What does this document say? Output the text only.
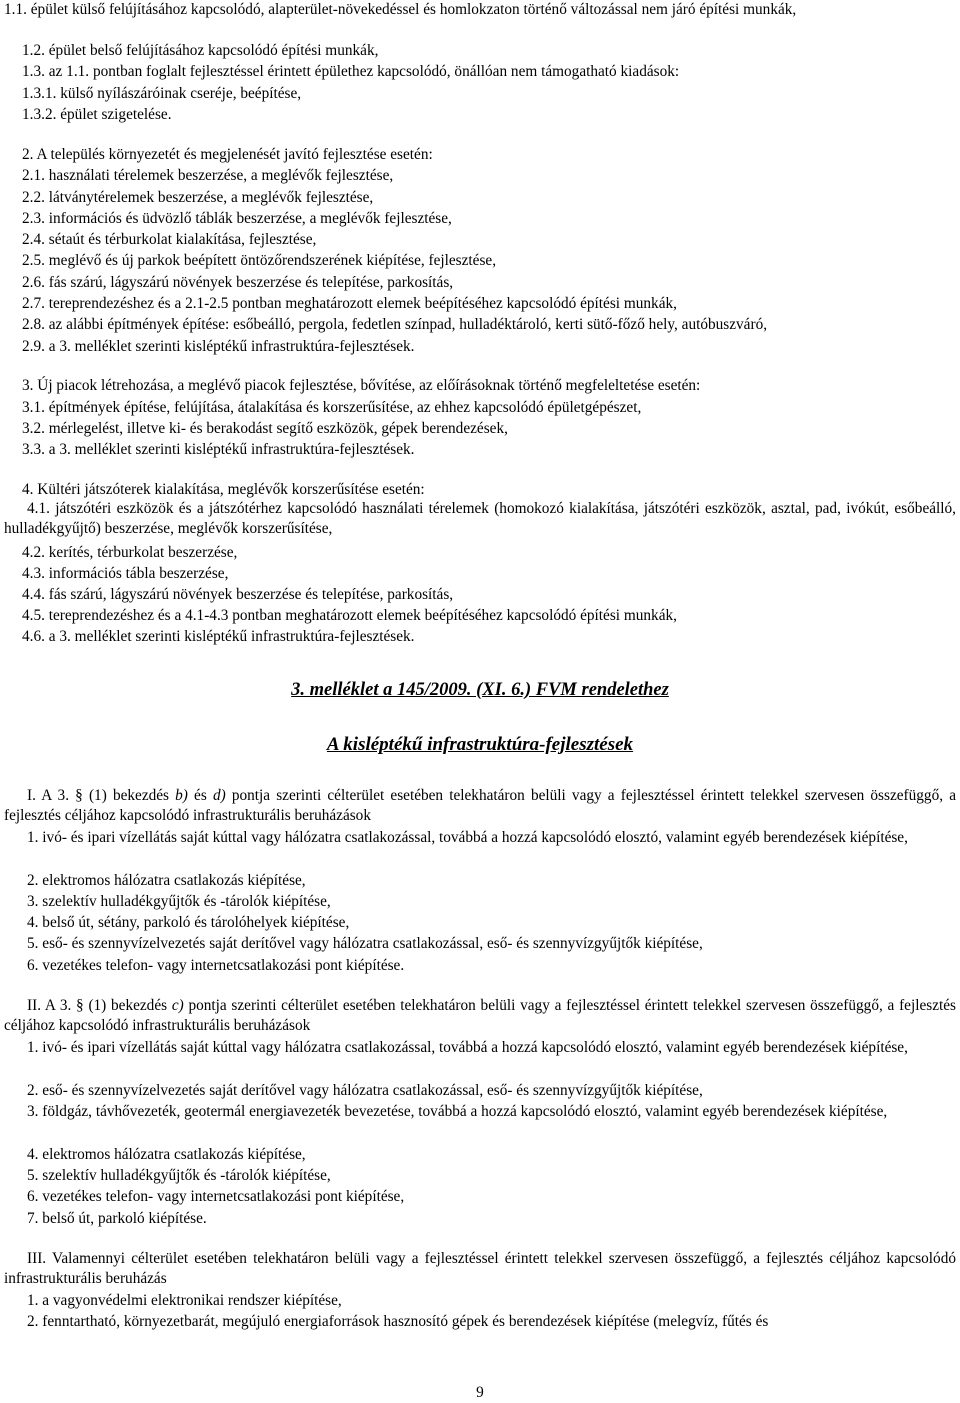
1.1. épület külső felújításához kapcsolódó, alapterület-növekedéssel és homlokzaton történő változással nem járó építési munkák,
1.2. épület belső felújításához kapcsolódó építési munkák,
1.3. az 1.1. pontban foglalt fejlesztéssel érintett épülethez kapcsolódó, önállóan nem támogatható kiadások:
1.3.1. külső nyílászáróinak cseréje, beépítése,
1.3.2. épület szigetelése.
2. A település környezetét és megjelenését javító fejlesztése esetén:
2.1. használati térelemek beszerzése, a meglévők fejlesztése,
2.2. látványtérelemek beszerzése, a meglévők fejlesztése,
2.3. információs és üdvözlő táblák beszerzése, a meglévők fejlesztése,
2.4. sétaút és térburkolat kialakítása, fejlesztése,
2.5. meglévő és új parkok beépített öntözőrendszerének kiépítése, fejlesztése,
2.6. fás szárú, lágyszárú növények beszerzése és telepítése, parkosítás,
2.7. tereprendezéshez és a 2.1-2.5 pontban meghatározott elemek beépítéséhez kapcsolódó építési munkák,
2.8. az alábbi építmények építése: esőbeálló, pergola, fedetlen színpad, hulladéktároló, kerti sütő-főző hely, autóbuszváró,
2.9. a 3. melléklet szerinti kisléptékű infrastruktúra-fejlesztések.
3. Új piacok létrehozása, a meglévő piacok fejlesztése, bővítése, az előírásoknak történő megfeleltetése esetén:
3.1. építmények építése, felújítása, átalakítása és korszerűsítése, az ehhez kapcsolódó épületgépészet,
3.2. mérlegelést, illetve ki- és berakodást segítő eszközök, gépek berendezések,
3.3. a 3. melléklet szerinti kisléptékű infrastruktúra-fejlesztések.
4. Kültéri játszóterek kialakítása, meglévők korszerűsítése esetén:
4.1. játszótéri eszközök és a játszótérhez kapcsolódó használati térelemek (homokozó kialakítása, játszótéri eszközök, asztal, pad, ivókút, esőbeálló, hulladékgyűjtő) beszerzése, meglévők korszerűsítése,
4.2. kerítés, térburkolat beszerzése,
4.3. információs tábla beszerzése,
4.4. fás szárú, lágyszárú növények beszerzése és telepítése, parkosítás,
4.5. tereprendezéshez és a 4.1-4.3 pontban meghatározott elemek beépítéséhez kapcsolódó építési munkák,
4.6. a 3. melléklet szerinti kisléptékű infrastruktúra-fejlesztések.
3. melléklet a 145/2009. (XI. 6.) FVM rendelethez
A kisléptékű infrastruktúra-fejlesztések
I. A 3. § (1) bekezdés b) és d) pontja szerinti célterület esetében telekhatáron belüli vagy a fejlesztéssel érintett telekkel szervesen összefüggő, a fejlesztés céljához kapcsolódó infrastrukturális beruházások
1. ivó- és ipari vízellátás saját kúttal vagy hálózatra csatlakozással, továbbá a hozzá kapcsolódó elosztó, valamint egyéb berendezések kiépítése,
2. elektromos hálózatra csatlakozás kiépítése,
3. szelektív hulladékgyűjtők és -tárolók kiépítése,
4. belső út, sétány, parkoló és tárolóhelyek kiépítése,
5. eső- és szennyvízelvezetés saját derítővel vagy hálózatra csatlakozással, eső- és szennyvízgyűjtők kiépítése,
6. vezetékes telefon- vagy internetcsatlakozási pont kiépítése.
II. A 3. § (1) bekezdés c) pontja szerinti célterület esetében telekhatáron belüli vagy a fejlesztéssel érintett telekkel szervesen összefüggő, a fejlesztés céljához kapcsolódó infrastrukturális beruházások
1. ivó- és ipari vízellátás saját kúttal vagy hálózatra csatlakozással, továbbá a hozzá kapcsolódó elosztó, valamint egyéb berendezések kiépítése,
2. eső- és szennyvízelvezetés saját derítővel vagy hálózatra csatlakozással, eső- és szennyvízgyűjtők kiépítése,
3. földgáz, távhővezeték, geotermál energiavezeték bevezetése, továbbá a hozzá kapcsolódó elosztó, valamint egyéb berendezések kiépítése,
4. elektromos hálózatra csatlakozás kiépítése,
5. szelektív hulladékgyűjtők és -tárolók kiépítése,
6. vezetékes telefon- vagy internetcsatlakozási pont kiépítése,
7. belső út, parkoló kiépítése.
III. Valamennyi célterület esetében telekhatáron belüli vagy a fejlesztéssel érintett telekkel szervesen összefüggő, a fejlesztés céljához kapcsolódó infrastrukturális beruházás
1. a vagyonvédelmi elektronikai rendszer kiépítése,
2. fenntartható, környezetbarát, megújuló energiaforrások hasznosító gépek és berendezések kiépítése (melegvíz, fűtés és
9
